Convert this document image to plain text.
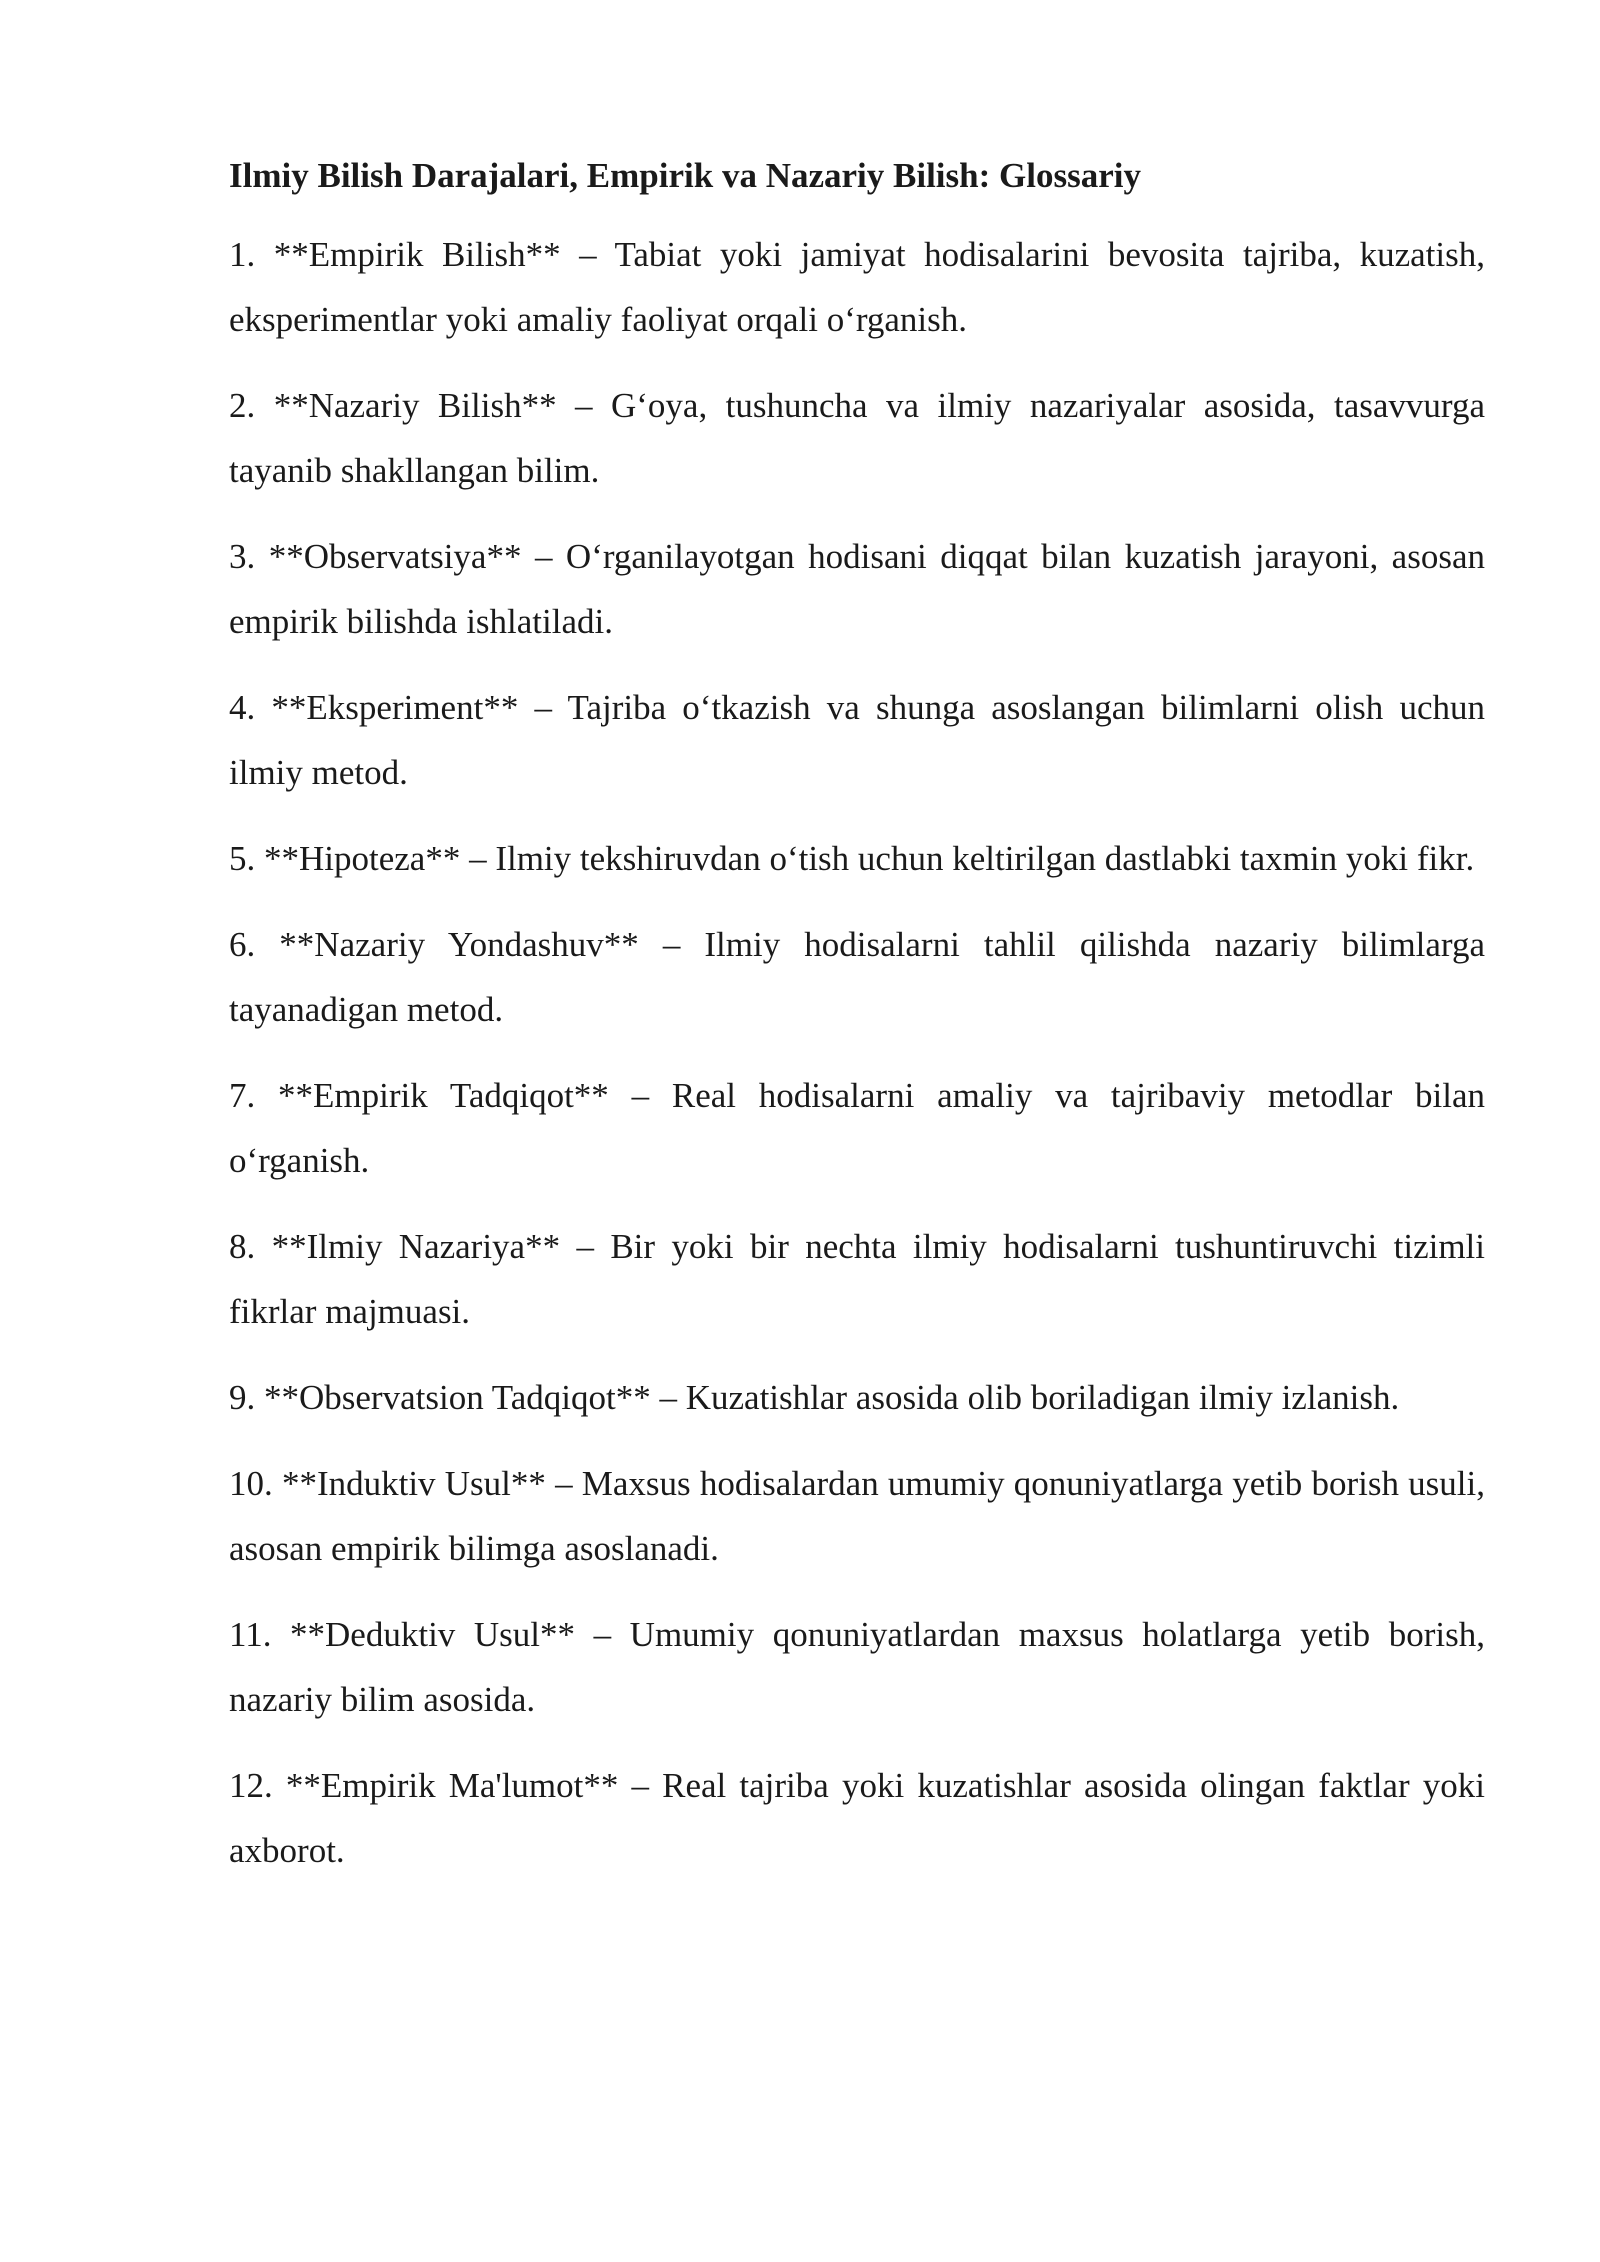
Ilmiy Bilish Darajalari, Empirik va Nazariy Bilish: Glossariy

1. **Empirik Bilish** – Tabiat yoki jamiyat hodisalarini bevosita tajriba, kuzatish, eksperimentlar yoki amaliy faoliyat orqali o‘rganish.

2. **Nazariy Bilish** – G‘oya, tushuncha va ilmiy nazariyalar asosida, tasavvurga tayanib shakllangan bilim.

3. **Observatsiya** – O‘rganilayotgan hodisani diqqat bilan kuzatish jarayoni, asosan empirik bilishda ishlatiladi.

4. **Eksperiment** – Tajriba o‘tkazish va shunga asoslangan bilimlarni olish uchun ilmiy metod.

5. **Hipoteza** – Ilmiy tekshiruvdan o‘tish uchun keltirilgan dastlabki taxmin yoki fikr.

6. **Nazariy Yondashuv** – Ilmiy hodisalarni tahlil qilishda nazariy bilimlarga tayanadigan metod.

7. **Empirik Tadqiqot** – Real hodisalarni amaliy va tajribaviy metodlar bilan o‘rganish.

8. **Ilmiy Nazariya** – Bir yoki bir nechta ilmiy hodisalarni tushuntiruvchi tizimli fikrlar majmuasi.

9. **Observatsion Tadqiqot** – Kuzatishlar asosida olib boriladigan ilmiy izlanish.

10. **Induktiv Usul** – Maxsus hodisalardan umumiy qonuniyatlarga yetib borish usuli, asosan empirik bilimga asoslanadi.

11. **Deduktiv Usul** – Umumiy qonuniyatlardan maxsus holatlarga yetib borish, nazariy bilim asosida.

12. **Empirik Ma'lumot** – Real tajriba yoki kuzatishlar asosida olingan faktlar yoki axborot.
